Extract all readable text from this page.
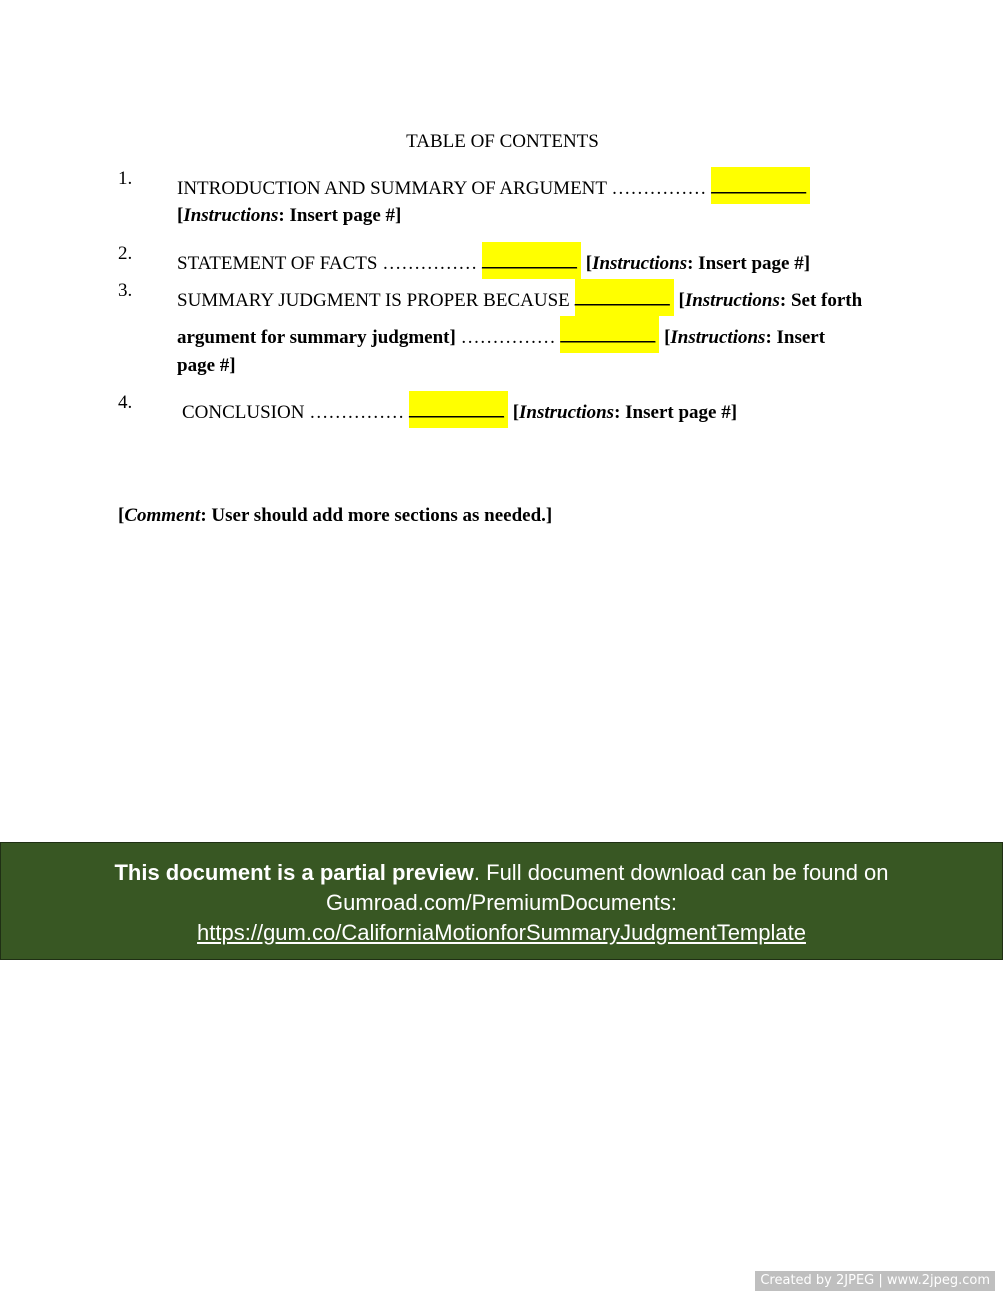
TABLE OF CONTENTS
1. INTRODUCTION AND SUMMARY OF ARGUMENT …………… __________
[Instructions: Insert page #]
2. STATEMENT OF FACTS …………… __________ [Instructions: Insert page #]
3. SUMMARY JUDGMENT IS PROPER BECAUSE __________ [Instructions: Set forth
argument for summary judgment] …………… __________ [Instructions: Insert
page #]
4.	CONCLUSION …………… __________ [Instructions: Insert page #]
[Comment: User should add more sections as needed.]
This document is a partial preview. Full document download can be found on
Gumroad.com/PremiumDocuments:
https://gum.co/CaliforniaMotionforSummaryJudgmentTemplate
Created by 2JPEG | www.2jpeg.com
